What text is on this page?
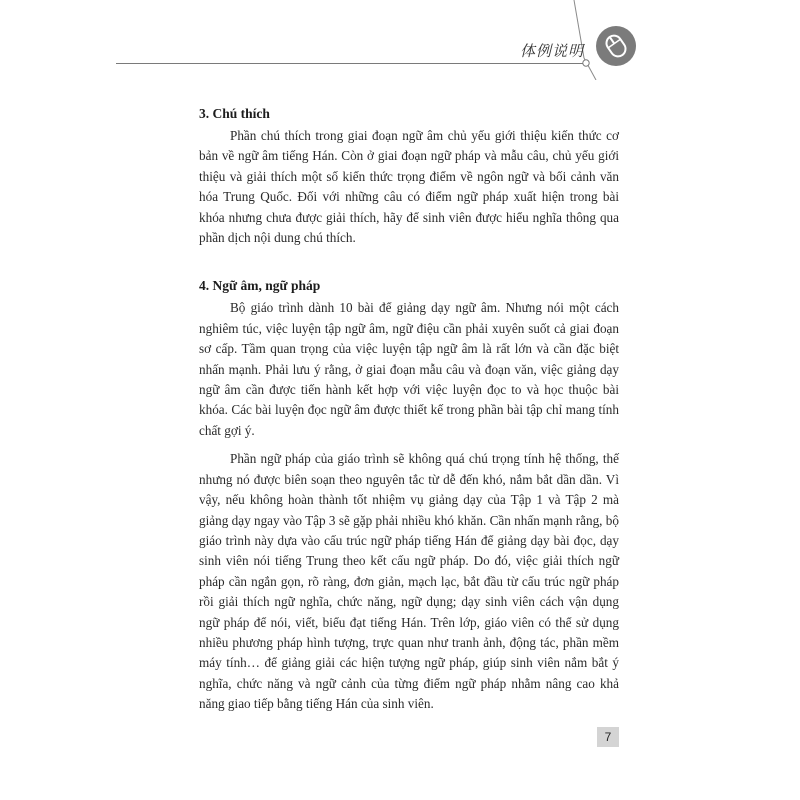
体例说明

3. Chú thích

Phần chú thích trong giai đoạn ngữ âm chủ yếu giới thiệu kiến thức cơ bản về ngữ âm tiếng Hán. Còn ở giai đoạn ngữ pháp và mẫu câu, chủ yếu giới thiệu và giải thích một số kiến thức trọng điểm về ngôn ngữ và bối cảnh văn hóa Trung Quốc. Đối với những câu có điểm ngữ pháp xuất hiện trong bài khóa nhưng chưa được giải thích, hãy để sinh viên được hiểu nghĩa thông qua phần dịch nội dung chú thích.

4. Ngữ âm, ngữ pháp

Bộ giáo trình dành 10 bài để giảng dạy ngữ âm. Nhưng nói một cách nghiêm túc, việc luyện tập ngữ âm, ngữ điệu cần phải xuyên suốt cả giai đoạn sơ cấp. Tầm quan trọng của việc luyện tập ngữ âm là rất lớn và cần đặc biệt nhấn mạnh. Phải lưu ý rằng, ở giai đoạn mẫu câu và đoạn văn, việc giảng dạy ngữ âm cần được tiến hành kết hợp với việc luyện đọc to và học thuộc bài khóa. Các bài luyện đọc ngữ âm được thiết kế trong phần bài tập chỉ mang tính chất gợi ý.

Phần ngữ pháp của giáo trình sẽ không quá chú trọng tính hệ thống, thế nhưng nó được biên soạn theo nguyên tắc từ dễ đến khó, nắm bắt dần dần. Vì vậy, nếu không hoàn thành tốt nhiệm vụ giảng dạy của Tập 1 và Tập 2 mà giảng dạy ngay vào Tập 3 sẽ gặp phải nhiều khó khăn. Cần nhấn mạnh rằng, bộ giáo trình này dựa vào cấu trúc ngữ pháp tiếng Hán để giảng dạy bài đọc, dạy sinh viên nói tiếng Trung theo kết cấu ngữ pháp. Do đó, việc giải thích ngữ pháp cần ngắn gọn, rõ ràng, đơn giản, mạch lạc, bắt đầu từ cấu trúc ngữ pháp rồi giải thích ngữ nghĩa, chức năng, ngữ dụng; dạy sinh viên cách vận dụng ngữ pháp để nói, viết, biểu đạt tiếng Hán. Trên lớp, giáo viên có thể sử dụng nhiều phương pháp hình tượng, trực quan như tranh ảnh, động tác, phần mềm máy tính… để giảng giải các hiện tượng ngữ pháp, giúp sinh viên nắm bắt ý nghĩa, chức năng và ngữ cảnh của từng điểm ngữ pháp nhằm nâng cao khả năng giao tiếp bằng tiếng Hán của sinh viên.

7
